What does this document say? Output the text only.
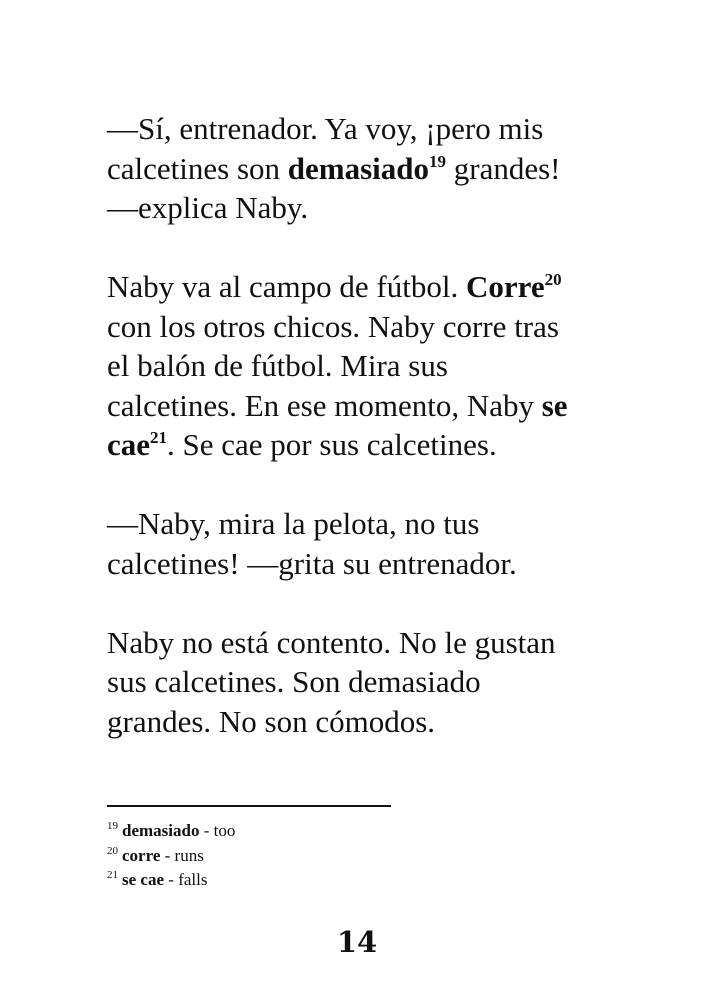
—Sí, entrenador. Ya voy, ¡pero mis
calcetines son demasiado$^{19}$ grandes!
—explica Naby.

Naby va al campo de fútbol. Corre$^{20}$
con los otros chicos. Naby corre tras
el balón de fútbol. Mira sus
calcetines. En ese momento, Naby se
cae$^{21}$. Se cae por sus calcetines.

—Naby, mira la pelota, no tus
calcetines! —grita su entrenador.

Naby no está contento. No le gustan
sus calcetines. Son demasiado
grandes. No son cómodos.

$^{19}$ demasiado - too
$^{20}$ corre - runs
$^{21}$ se cae - falls
14
